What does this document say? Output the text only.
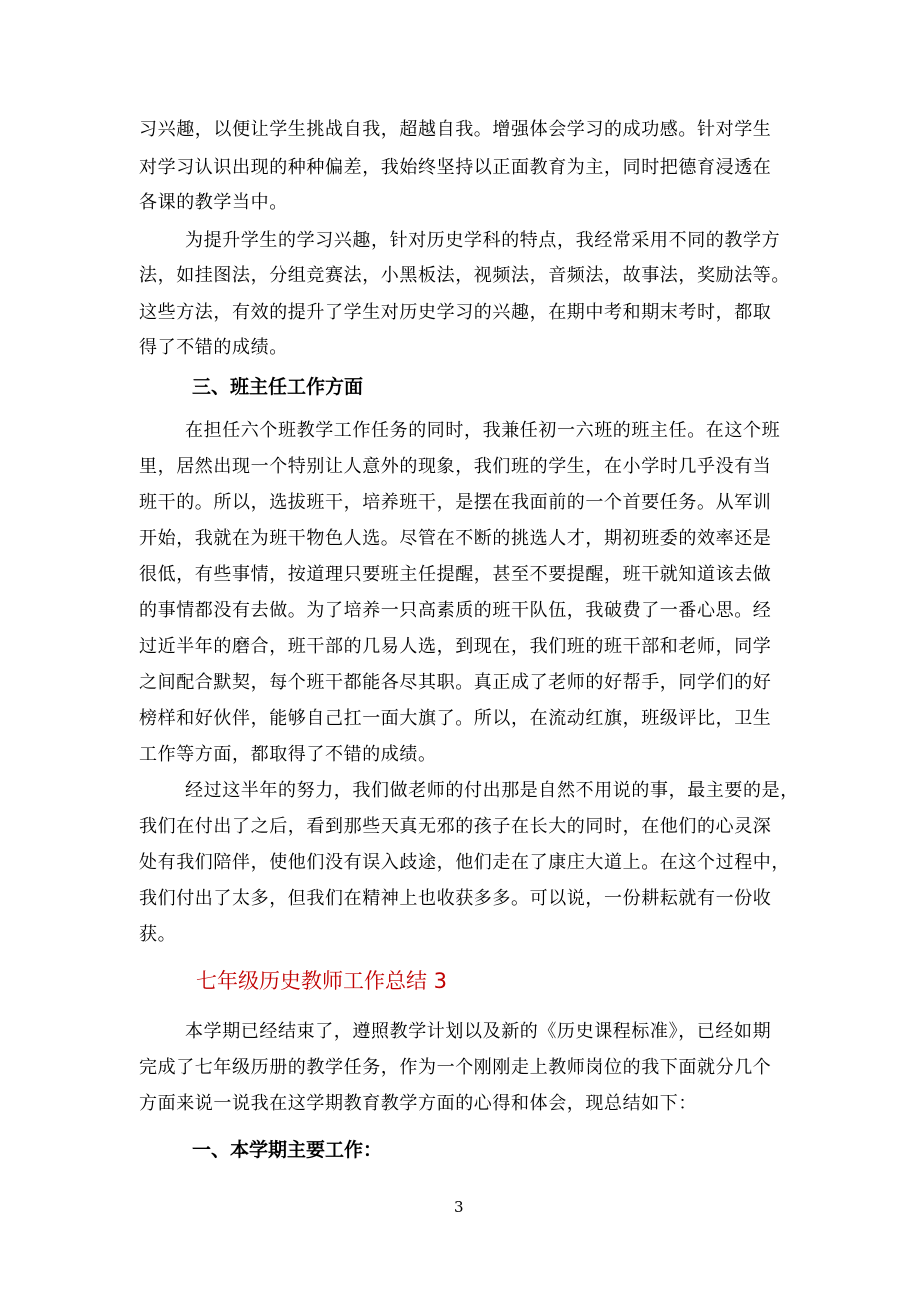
习兴趣，以便让学生挑战自我，超越自我。增强体会学习的成功感。针对学生
对学习认识出现的种种偏差，我始终坚持以正面教育为主，同时把德育浸透在
各课的教学当中。
为提升学生的学习兴趣，针对历史学科的特点，我经常采用不同的教学方
法，如挂图法，分组竞赛法，小黑板法，视频法，音频法，故事法，奖励法等。
这些方法，有效的提升了学生对历史学习的兴趣，在期中考和期末考时，都取
得了不错的成绩。
三、班主任工作方面
在担任六个班教学工作任务的同时，我兼任初一六班的班主任。在这个班
里，居然出现一个特别让人意外的现象，我们班的学生，在小学时几乎没有当
班干的。所以，选拔班干，培养班干，是摆在我面前的一个首要任务。从军训
开始，我就在为班干物色人选。尽管在不断的挑选人才，期初班委的效率还是
很低，有些事情，按道理只要班主任提醒，甚至不要提醒，班干就知道该去做
的事情都没有去做。为了培养一只高素质的班干队伍，我破费了一番心思。经
过近半年的磨合，班干部的几易人选，到现在，我们班的班干部和老师，同学
之间配合默契，每个班干都能各尽其职。真正成了老师的好帮手，同学们的好
榜样和好伙伴，能够自己扛一面大旗了。所以，在流动红旗，班级评比，卫生
工作等方面，都取得了不错的成绩。
经过这半年的努力，我们做老师的付出那是自然不用说的事，最主要的是，
我们在付出了之后，看到那些天真无邪的孩子在长大的同时，在他们的心灵深
处有我们陪伴，使他们没有误入歧途，他们走在了康庄大道上。在这个过程中，
我们付出了太多，但我们在精神上也收获多多。可以说，一份耕耘就有一份收
获。
七年级历史教师工作总结 3
本学期已经结束了，遵照教学计划以及新的《历史课程标准》，已经如期
完成了七年级历册的教学任务，作为一个刚刚走上教师岗位的我下面就分几个
方面来说一说我在这学期教育教学方面的心得和体会，现总结如下：
一、本学期主要工作：
3
